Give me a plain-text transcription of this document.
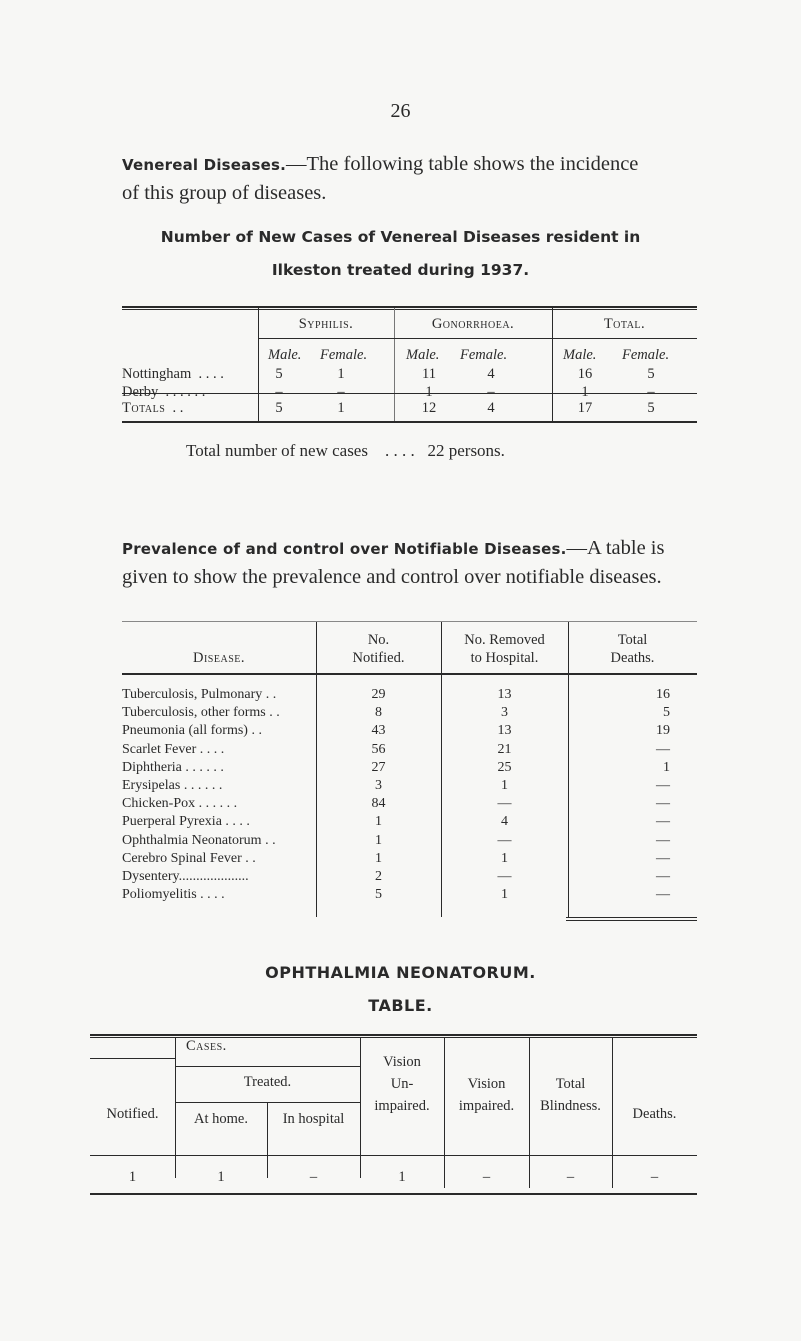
26
Venereal Diseases.—The following table shows the incidence
of this group of diseases.
Number of New Cases of Venereal Diseases resident in
Ilkeston treated during 1937.
Syphilis.	Gonorrhoea.	Total.
Male. Female.	Male. Female.	Male. Female.
Nottingham . . . .	5	1	11	4	16	5
Derby . . . . . .	–	–	1	–	1	–
Totals . .	5	1	12	4	17	5
Total number of new cases . . . . 22 persons.
Prevalence of and control over Notifiable Diseases.—A table is
given to show the prevalence and control over notifiable diseases.
Disease.
No.
Notified.
No. Removed
to Hospital.
Total
Deaths.
Tuberculosis, Pulmonary . .	29	13	16
Tuberculosis, other forms . .	8	3	5
Pneumonia (all forms) . .	43	13	19
Scarlet Fever . . . .	56	21	—
Diphtheria . . . . . .	27	25	1
Erysipelas . . . . . .	3	1	—
Chicken-Pox . . . . . .	84	—	—
Puerperal Pyrexia . . . .	1	4	—
Ophthalmia Neonatorum . .	1	—	—
Cerebro Spinal Fever . .	1	1	—
Dysentery....................	2	—	—
Poliomyelitis . . . .	5	1	—
OPHTHALMIA NEONATORUM.
TABLE.
Cases.
Notified.
Treated.
At home.	In hospital
Vision
Un-
impaired.
Vision
impaired.
Total
Blindness.	Deaths.
1	1	–	1	–	–	–
